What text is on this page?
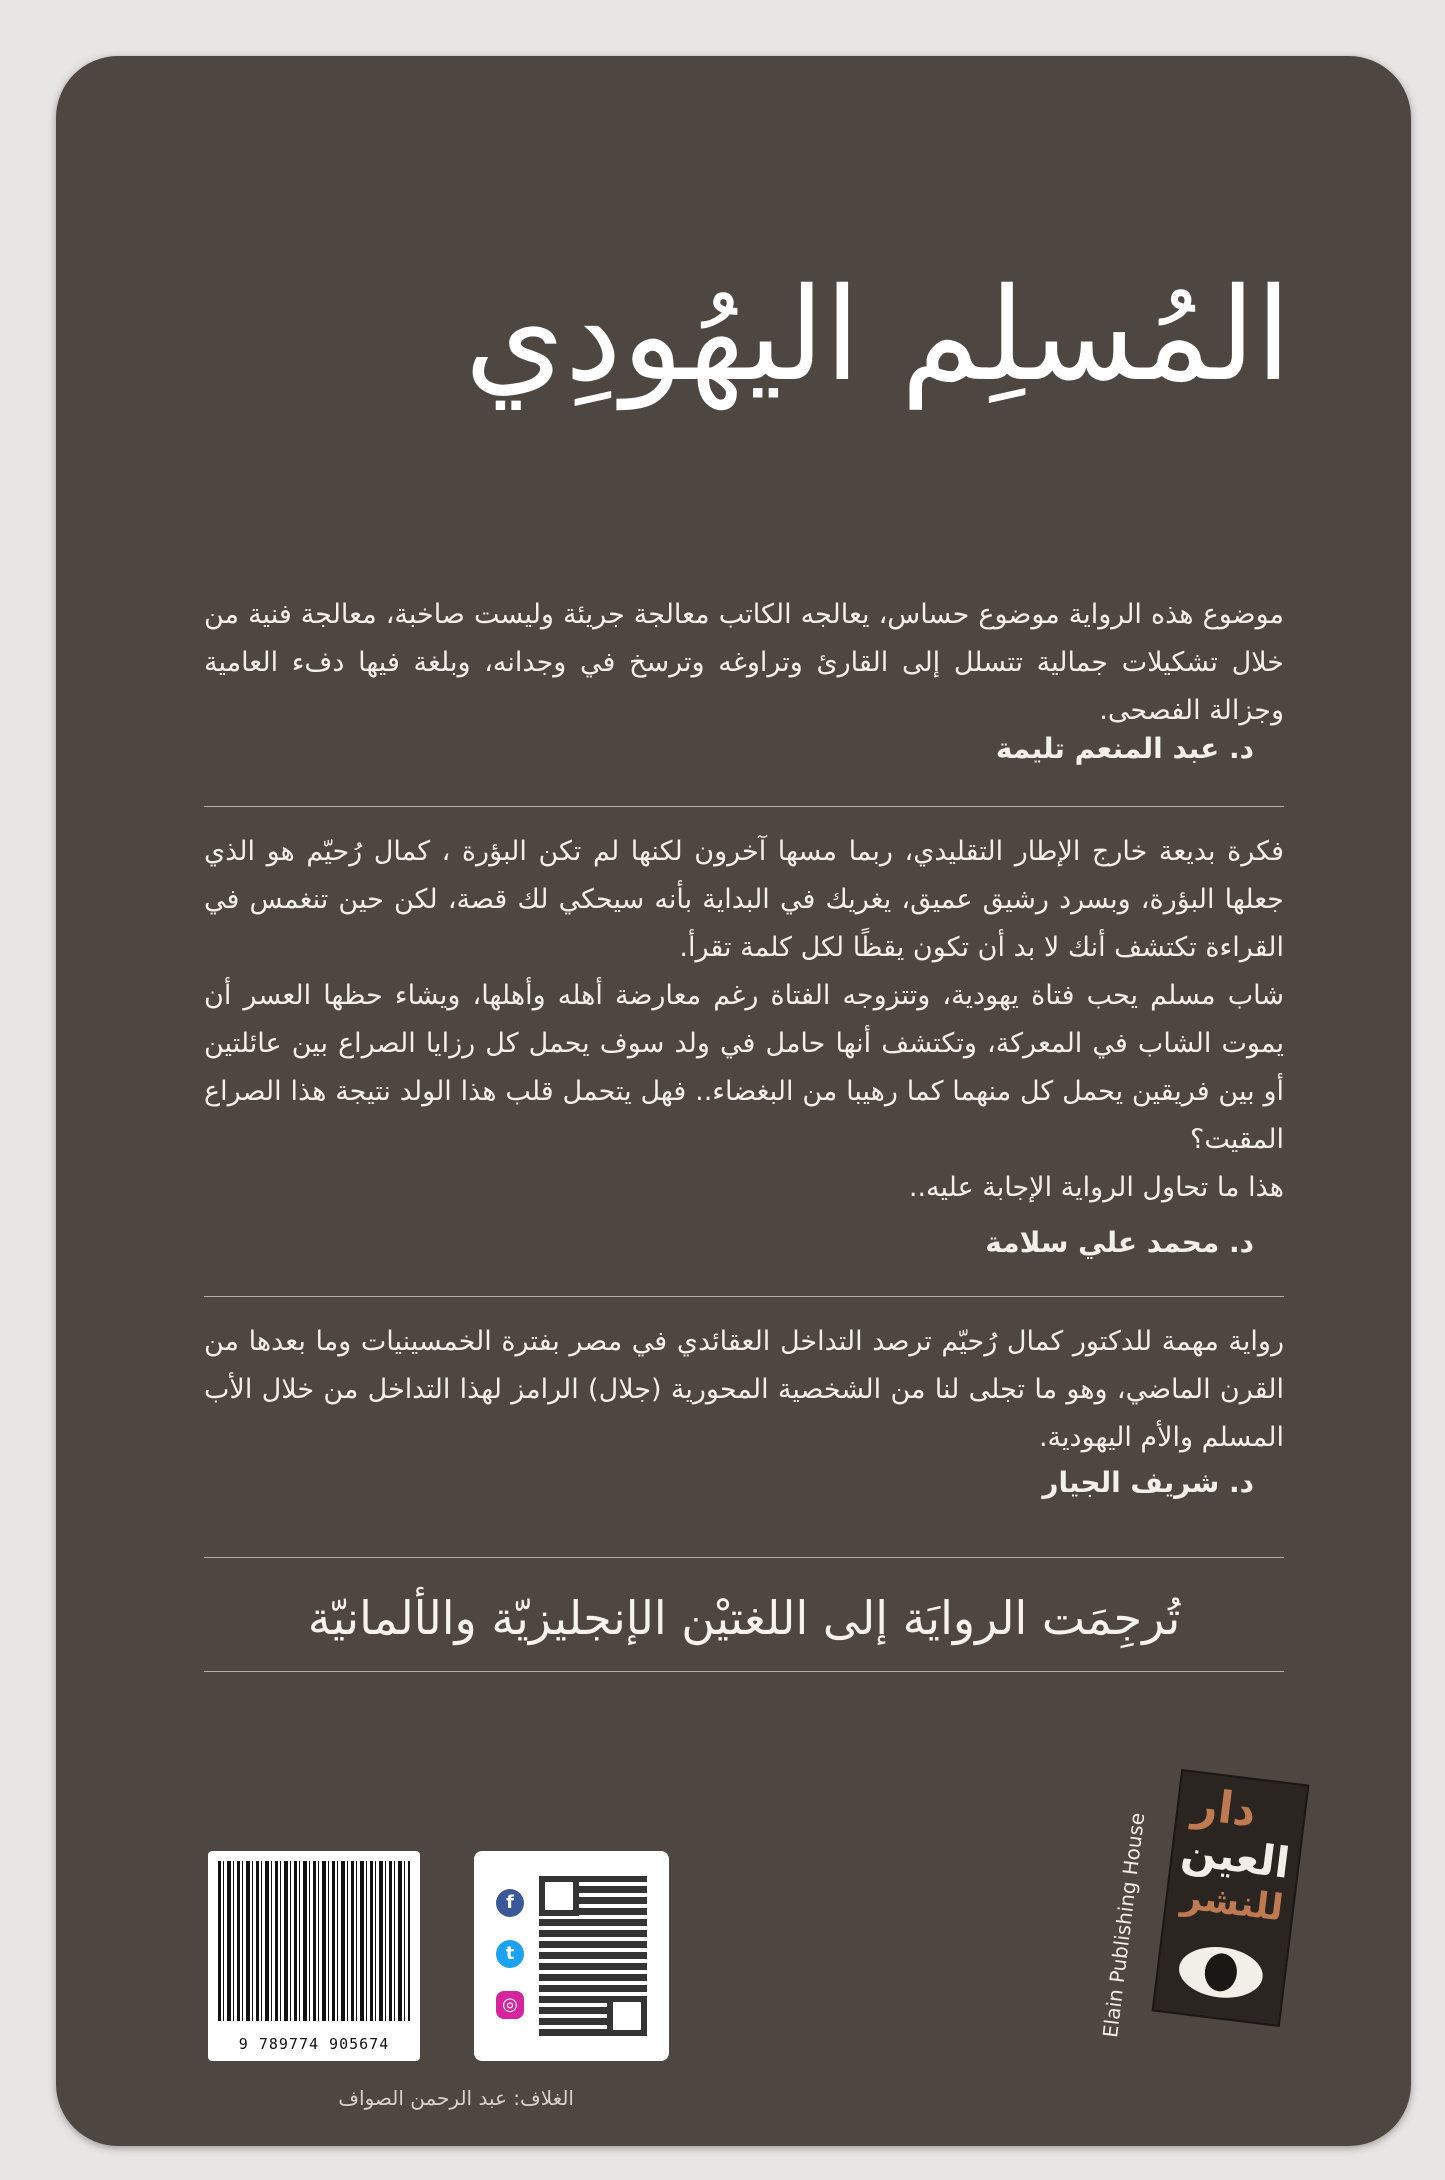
المُسلِم اليهُودِي

موضوع هذه الرواية موضوع حساس، يعالجه الكاتب معالجة جريئة وليست صاخبة، معالجة فنية من خلال تشكيلات جمالية تتسلل إلى القارئ وتراوغه وترسخ في وجدانه، وبلغة فيها دفء العامية وجزالة الفصحى.

د. عبد المنعم تليمة

فكرة بديعة خارج الإطار التقليدي، ربما مسها آخرون لكنها لم تكن البؤرة ، كمال رُحيّم هو الذي جعلها البؤرة، وبسرد رشيق عميق، يغريك في البداية بأنه سيحكي لك قصة، لكن حين تنغمس في القراءة تكتشف أنك لا بد أن تكون يقظًا لكل كلمة تقرأ.

شاب مسلم يحب فتاة يهودية، وتتزوجه الفتاة رغم معارضة أهله وأهلها، ويشاء حظها العسر أن يموت الشاب في المعركة، وتكتشف أنها حامل في ولد سوف يحمل كل رزايا الصراع بين عائلتين أو بين فريقين يحمل كل منهما كما رهيبا من البغضاء.. فهل يتحمل قلب هذا الولد نتيجة هذا الصراع المقيت؟

هذا ما تحاول الرواية الإجابة عليه..

د. محمد علي سلامة

رواية مهمة للدكتور كمال رُحيّم ترصد التداخل العقائدي في مصر بفترة الخمسينيات وما بعدها من القرن الماضي، وهو ما تجلى لنا من الشخصية المحورية (جلال) الرامز لهذا التداخل من خلال الأب المسلم والأم اليهودية.

د. شريف الجيار
تُرجِمَت الروايَة إلى اللغتيْن الإنجليزيّة والألمانيّة
دار
العين
للنشر
Elain Publishing House
9 789774 905674
f
t
◎
الغلاف: عبد الرحمن الصواف
